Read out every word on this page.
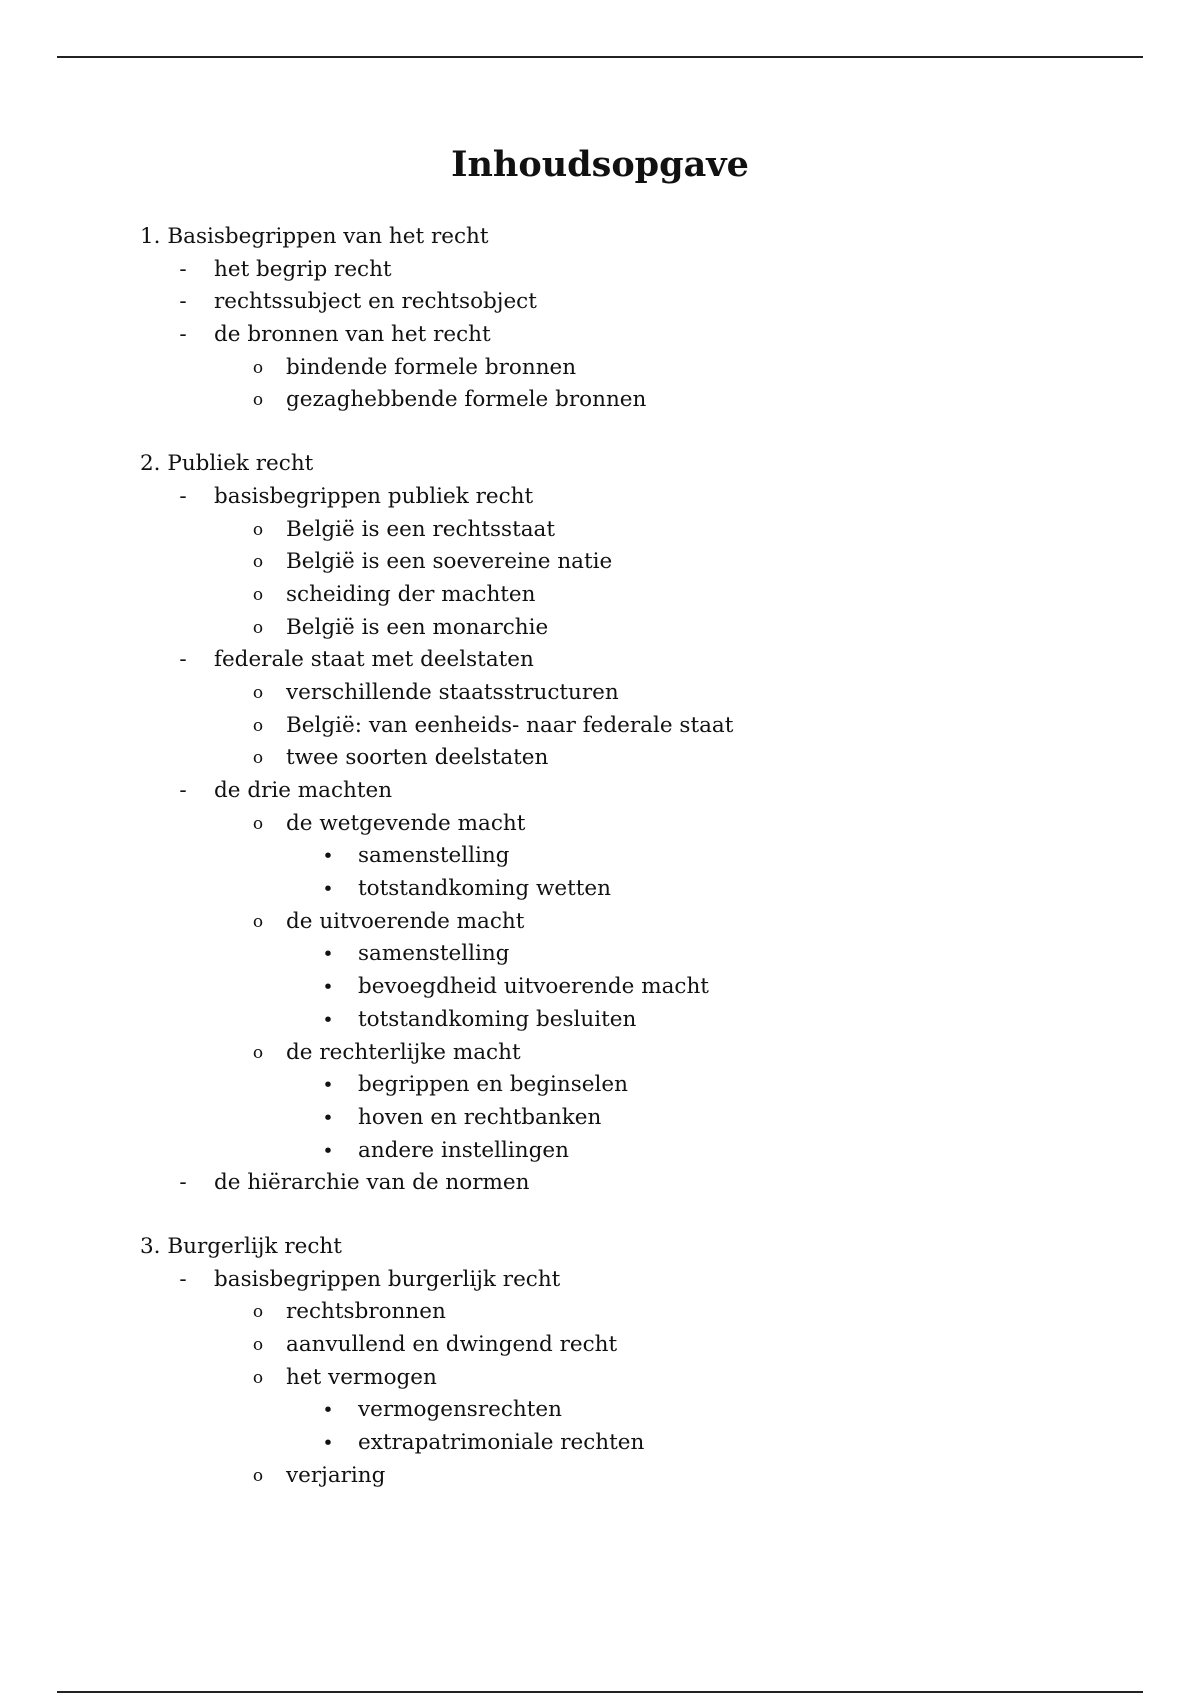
Inhoudsopgave
1. Basisbegrippen van het recht
- het begrip recht
- rechtssubject en rechtsobject
- de bronnen van het recht
o bindende formele bronnen
o gezaghebbende formele bronnen
2. Publiek recht
- basisbegrippen publiek recht
o België is een rechtsstaat
o België is een soevereine natie
o scheiding der machten
o België is een monarchie
- federale staat met deelstaten
o verschillende staatsstructuren
o België: van eenheids- naar federale staat
o twee soorten deelstaten
- de drie machten
o de wetgevende macht
• samenstelling
• totstandkoming wetten
o de uitvoerende macht
• samenstelling
• bevoegdheid uitvoerende macht
• totstandkoming besluiten
o de rechterlijke macht
• begrippen en beginselen
• hoven en rechtbanken
• andere instellingen
- de hiërarchie van de normen
3. Burgerlijk recht
- basisbegrippen burgerlijk recht
o rechtsbronnen
o aanvullend en dwingend recht
o het vermogen
• vermogensrechten
• extrapatrimoniale rechten
o verjaring
